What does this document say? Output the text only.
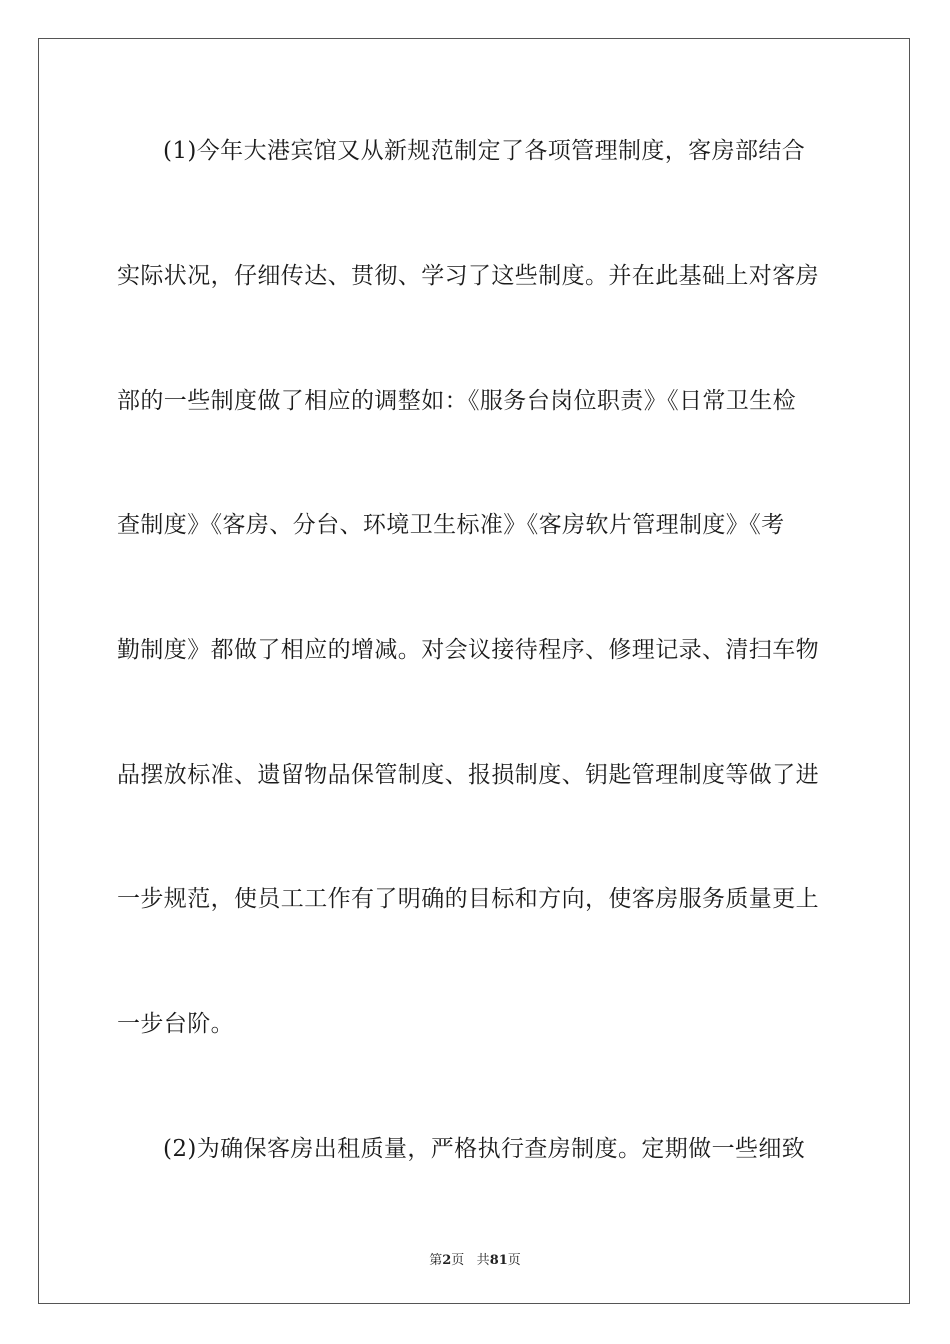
(1)今年大港宾馆又从新规范制定了各项管理制度，客房部结合
实际状况，仔细传达、贯彻、学习了这些制度。并在此基础上对客房
部的一些制度做了相应的调整如：《服务台岗位职责》《日常卫生检
查制度》《客房、分台、环境卫生标准》《客房软片管理制度》《考
勤制度》都做了相应的增减。对会议接待程序、修理记录、清扫车物
品摆放标准、遗留物品保管制度、报损制度、钥匙管理制度等做了进
一步规范，使员工工作有了明确的目标和方向，使客房服务质量更上
一步台阶。
(2)为确保客房出租质量，严格执行查房制度。定期做一些细致
第2页 共81页
